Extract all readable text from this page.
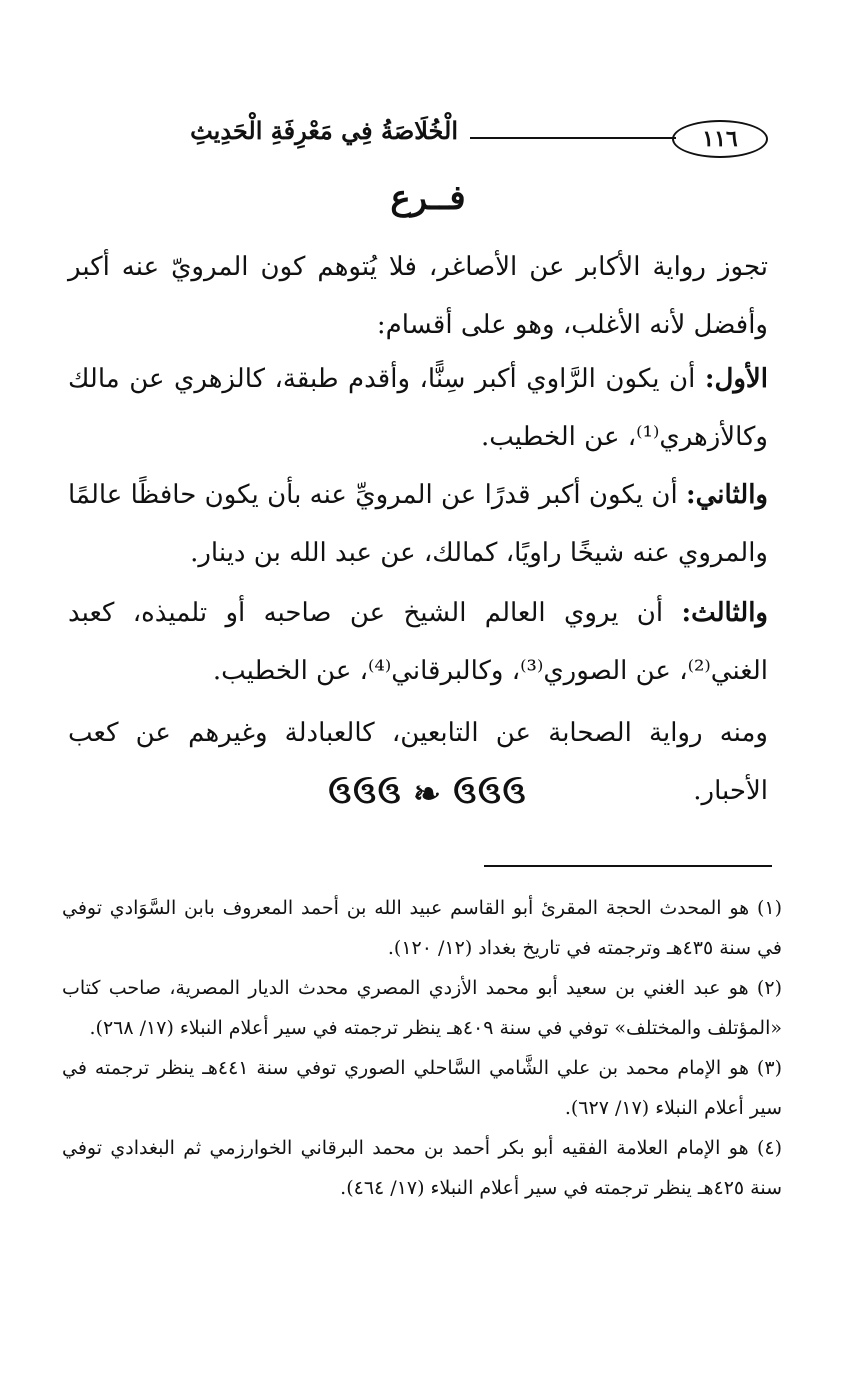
١١٦
الْخُلَاصَةُ فِي مَعْرِفَةِ الْحَدِيثِ
فــرع
تجوز رواية الأكابر عن الأصاغر، فلا يُتوهم كون المرويّ عنه أكبر وأفضل لأنه الأغلب، وهو على أقسام:
الأول: أن يكون الرَّاوي أكبر سِنًّا، وأقدم طبقة، كالزهري عن مالك وكالأزهري⁽¹⁾، عن الخطيب.
والثاني: أن يكون أكبر قدرًا عن المرويِّ عنه بأن يكون حافظًا عالمًا والمروي عنه شيخًا راويًا، كمالك، عن عبد الله بن دينار.
والثالث: أن يروي العالم الشيخ عن صاحبه أو تلميذه، كعبد الغني⁽²⁾، عن الصوري⁽³⁾، وكالبرقاني⁽⁴⁾، عن الخطيب.
ومنه رواية الصحابة عن التابعين، كالعبادلة وغيرهم عن كعب الأحبار.
ઉઉઉ ❧ ઉઉઉ

(١) هو المحدث الحجة المقرئ أبو القاسم عبيد الله بن أحمد المعروف بابن السَّوَادي توفي في سنة ٤٣٥هـ وترجمته في تاريخ بغداد (١٢/ ١٢٠).

(٢) هو عبد الغني بن سعيد أبو محمد الأزدي المصري محدث الديار المصرية، صاحب كتاب «المؤتلف والمختلف» توفي في سنة ٤٠٩هـ ينظر ترجمته في سير أعلام النبلاء (١٧/ ٢٦٨).

(٣) هو الإمام محمد بن علي الشَّامي السَّاحلي الصوري توفي سنة ٤٤١هـ ينظر ترجمته في سير أعلام النبلاء (١٧/ ٦٢٧).

(٤) هو الإمام العلامة الفقيه أبو بكر أحمد بن محمد البرقاني الخوارزمي ثم البغدادي توفي سنة ٤٢٥هـ ينظر ترجمته في سير أعلام النبلاء (١٧/ ٤٦٤).
